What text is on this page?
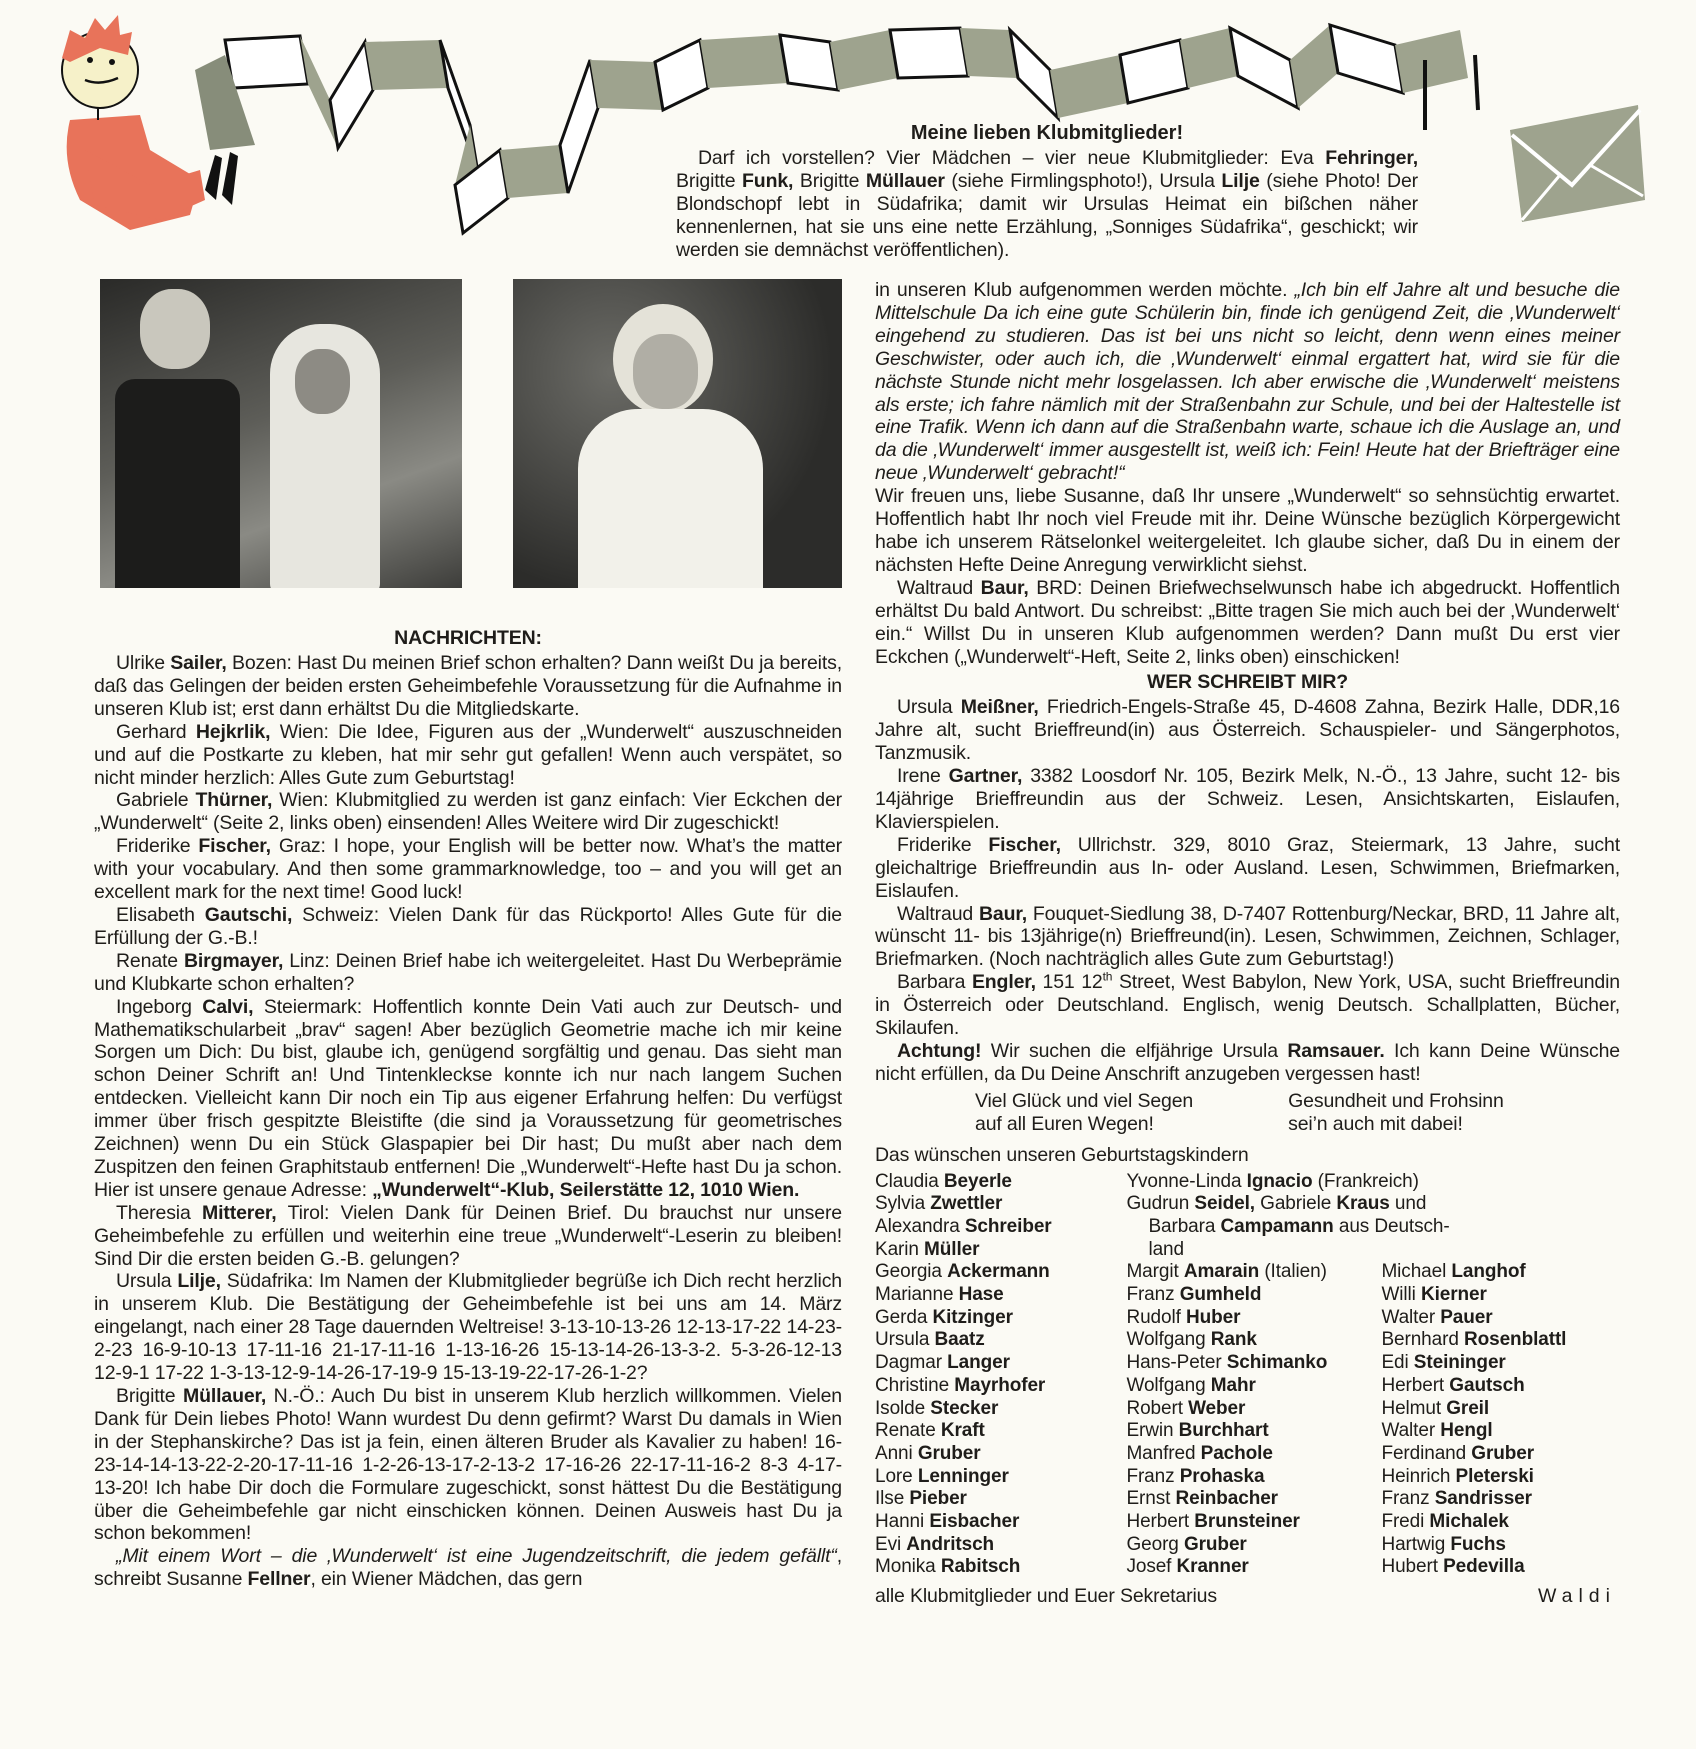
Meine lieben Klubmitglieder!

Darf ich vorstellen? Vier Mädchen – vier neue Klubmitglieder: Eva Fehringer, Brigitte Funk, Brigitte Müllauer (siehe Firmlingsphoto!), Ursula Lilje (siehe Photo! Der Blondschopf lebt in Südafrika; damit wir Ursulas Heimat ein bißchen näher kennenlernen, hat sie uns eine nette Erzählung, „Sonniges Südafrika“, geschickt; wir werden sie demnächst veröffentlichen).

NACHRICHTEN:

Ulrike Sailer, Bozen: Hast Du meinen Brief schon erhalten? Dann weißt Du ja bereits, daß das Gelingen der beiden ersten Geheimbefehle Voraussetzung für die Aufnahme in unseren Klub ist; erst dann erhältst Du die Mitgliedskarte.

Gerhard Hejkrlik, Wien: Die Idee, Figuren aus der „Wunderwelt“ auszuschneiden und auf die Postkarte zu kleben, hat mir sehr gut gefallen! Wenn auch verspätet, so nicht minder herzlich: Alles Gute zum Geburtstag!

Gabriele Thürner, Wien: Klubmitglied zu werden ist ganz einfach: Vier Eckchen der „Wunderwelt“ (Seite 2, links oben) einsenden! Alles Weitere wird Dir zugeschickt!

Friderike Fischer, Graz: I hope, your English will be better now. What’s the matter with your vocabulary. And then some grammarknowledge, too – and you will get an excellent mark for the next time! Good luck!

Elisabeth Gautschi, Schweiz: Vielen Dank für das Rückporto! Alles Gute für die Erfüllung der G.-B.!

Renate Birgmayer, Linz: Deinen Brief habe ich weitergeleitet. Hast Du Werbeprämie und Klubkarte schon erhalten?

Ingeborg Calvi, Steiermark: Hoffentlich konnte Dein Vati auch zur Deutsch- und Mathematikschularbeit „brav“ sagen! Aber bezüglich Geometrie mache ich mir keine Sorgen um Dich: Du bist, glaube ich, genügend sorgfältig und genau. Das sieht man schon Deiner Schrift an! Und Tintenkleckse konnte ich nur nach langem Suchen entdecken. Vielleicht kann Dir noch ein Tip aus eigener Erfahrung helfen: Du verfügst immer über frisch gespitzte Bleistifte (die sind ja Voraussetzung für geometrisches Zeichnen) wenn Du ein Stück Glaspapier bei Dir hast; Du mußt aber nach dem Zuspitzen den feinen Graphitstaub entfernen! Die „Wunderwelt“-Hefte hast Du ja schon. Hier ist unsere genaue Adresse: „Wunderwelt“-Klub, Seilerstätte 12, 1010 Wien.

Theresia Mitterer, Tirol: Vielen Dank für Deinen Brief. Du brauchst nur unsere Geheimbefehle zu erfüllen und weiterhin eine treue „Wunderwelt“-Leserin zu bleiben! Sind Dir die ersten beiden G.-B. gelungen?

Ursula Lilje, Südafrika: Im Namen der Klubmitglieder begrüße ich Dich recht herzlich in unserem Klub. Die Bestätigung der Geheimbefehle ist bei uns am 14. März eingelangt, nach einer 28 Tage dauernden Weltreise! 3-13-10-13-26 12-13-17-22 14-23-2-23 16-9-10-13 17-11-16 21-17-11-16 1-13-16-26 15-13-14-26-13-3-2. 5-3-26-12-13 12-9-1 17-22 1-3-13-12-9-14-26-17-19-9 15-13-19-22-17-26-1-2?

Brigitte Müllauer, N.-Ö.: Auch Du bist in unserem Klub herzlich willkommen. Vielen Dank für Dein liebes Photo! Wann wurdest Du denn gefirmt? Warst Du damals in Wien in der Stephanskirche? Das ist ja fein, einen älteren Bruder als Kavalier zu haben! 16-23-14-14-13-22-2-20-17-11-16 1-2-26-13-17-2-13-2 17-16-26 22-17-11-16-2 8-3 4-17-13-20! Ich habe Dir doch die Formulare zugeschickt, sonst hättest Du die Bestätigung über die Geheimbefehle gar nicht einschicken können. Deinen Ausweis hast Du ja schon bekommen!

„Mit einem Wort – die ‚Wunderwelt‘ ist eine Jugendzeitschrift, die jedem gefällt“, schreibt Susanne Fellner, ein Wiener Mädchen, das gern

in unseren Klub aufgenommen werden möchte. „Ich bin elf Jahre alt und besuche die Mittelschule Da ich eine gute Schülerin bin, finde ich genügend Zeit, die ‚Wunderwelt‘ eingehend zu studieren. Das ist bei uns nicht so leicht, denn wenn eines meiner Geschwister, oder auch ich, die ‚Wunderwelt‘ einmal ergattert hat, wird sie für die nächste Stunde nicht mehr losgelassen. Ich aber erwische die ‚Wunderwelt‘ meistens als erste; ich fahre nämlich mit der Straßenbahn zur Schule, und bei der Haltestelle ist eine Trafik. Wenn ich dann auf die Straßenbahn warte, schaue ich die Auslage an, und da die ‚Wunderwelt‘ immer ausgestellt ist, weiß ich: Fein! Heute hat der Briefträger eine neue ‚Wunderwelt‘ gebracht!“

Wir freuen uns, liebe Susanne, daß Ihr unsere „Wunderwelt“ so sehnsüchtig erwartet. Hoffentlich habt Ihr noch viel Freude mit ihr. Deine Wünsche bezüglich Körpergewicht habe ich unserem Rätselonkel weitergeleitet. Ich glaube sicher, daß Du in einem der nächsten Hefte Deine Anregung verwirklicht siehst.

Waltraud Baur, BRD: Deinen Briefwechselwunsch habe ich abgedruckt. Hoffentlich erhältst Du bald Antwort. Du schreibst: „Bitte tragen Sie mich auch bei der ‚Wunderwelt‘ ein.“ Willst Du in unseren Klub aufgenommen werden? Dann mußt Du erst vier Eckchen („Wunderwelt“-Heft, Seite 2, links oben) einschicken!

WER SCHREIBT MIR?

Ursula Meißner, Friedrich-Engels-Straße 45, D-4608 Zahna, Bezirk Halle, DDR,16 Jahre alt, sucht Brieffreund(in) aus Österreich. Schauspieler- und Sängerphotos, Tanzmusik.

Irene Gartner, 3382 Loosdorf Nr. 105, Bezirk Melk, N.-Ö., 13 Jahre, sucht 12- bis 14jährige Brieffreundin aus der Schweiz. Lesen, Ansichtskarten, Eislaufen, Klavierspielen.

Friderike Fischer, Ullrichstr. 329, 8010 Graz, Steiermark, 13 Jahre, sucht gleichaltrige Brieffreundin aus In- oder Ausland. Lesen, Schwimmen, Briefmarken, Eislaufen.

Waltraud Baur, Fouquet-Siedlung 38, D-7407 Rottenburg/Neckar, BRD, 11 Jahre alt, wünscht 11- bis 13jährige(n) Brieffreund(in). Lesen, Schwimmen, Zeichnen, Schlager, Briefmarken. (Noch nachträglich alles Gute zum Geburtstag!)

Barbara Engler, 151 12th Street, West Babylon, New York, USA, sucht Brieffreundin in Österreich oder Deutschland. Englisch, wenig Deutsch. Schallplatten, Bücher, Skilaufen.

Achtung! Wir suchen die elfjährige Ursula Ramsauer. Ich kann Deine Wünsche nicht erfüllen, da Du Deine Anschrift anzugeben vergessen hast!

Viel Glück und viel Segen
auf all Euren Wegen!
Gesundheit und Frohsinn
sei’n auch mit dabei!
Das wünschen unseren Geburtstagskindern
Claudia Beyerle
Sylvia Zwettler
Alexandra Schreiber
Karin Müller
Georgia Ackermann
Marianne Hase
Gerda Kitzinger
Ursula Baatz
Dagmar Langer
Christine Mayrhofer
Isolde Stecker
Renate Kraft
Anni Gruber
Lore Lenninger
Ilse Pieber
Hanni Eisbacher
Evi Andritsch
Monika Rabitsch
Yvonne-Linda Ignacio (Frankreich)
Gudrun Seidel, Gabriele Kraus und
Barbara Campamann aus Deutsch-
land
Margit Amarain (Italien)
Franz Gumheld
Rudolf Huber
Wolfgang Rank
Hans-Peter Schimanko
Wolfgang Mahr
Robert Weber
Erwin Burchhart
Manfred Pachole
Franz Prohaska
Ernst Reinbacher
Herbert Brunsteiner
Georg Gruber
Josef Kranner

Michael Langhof
Willi Kierner
Walter Pauer
Bernhard Rosenblattl
Edi Steininger
Herbert Gautsch
Helmut Greil
Walter Hengl
Ferdinand Gruber
Heinrich Pleterski
Franz Sandrisser
Fredi Michalek
Hartwig Fuchs
Hubert Pedevilla
alle Klubmitglieder und Euer Sekretarius	Waldi
